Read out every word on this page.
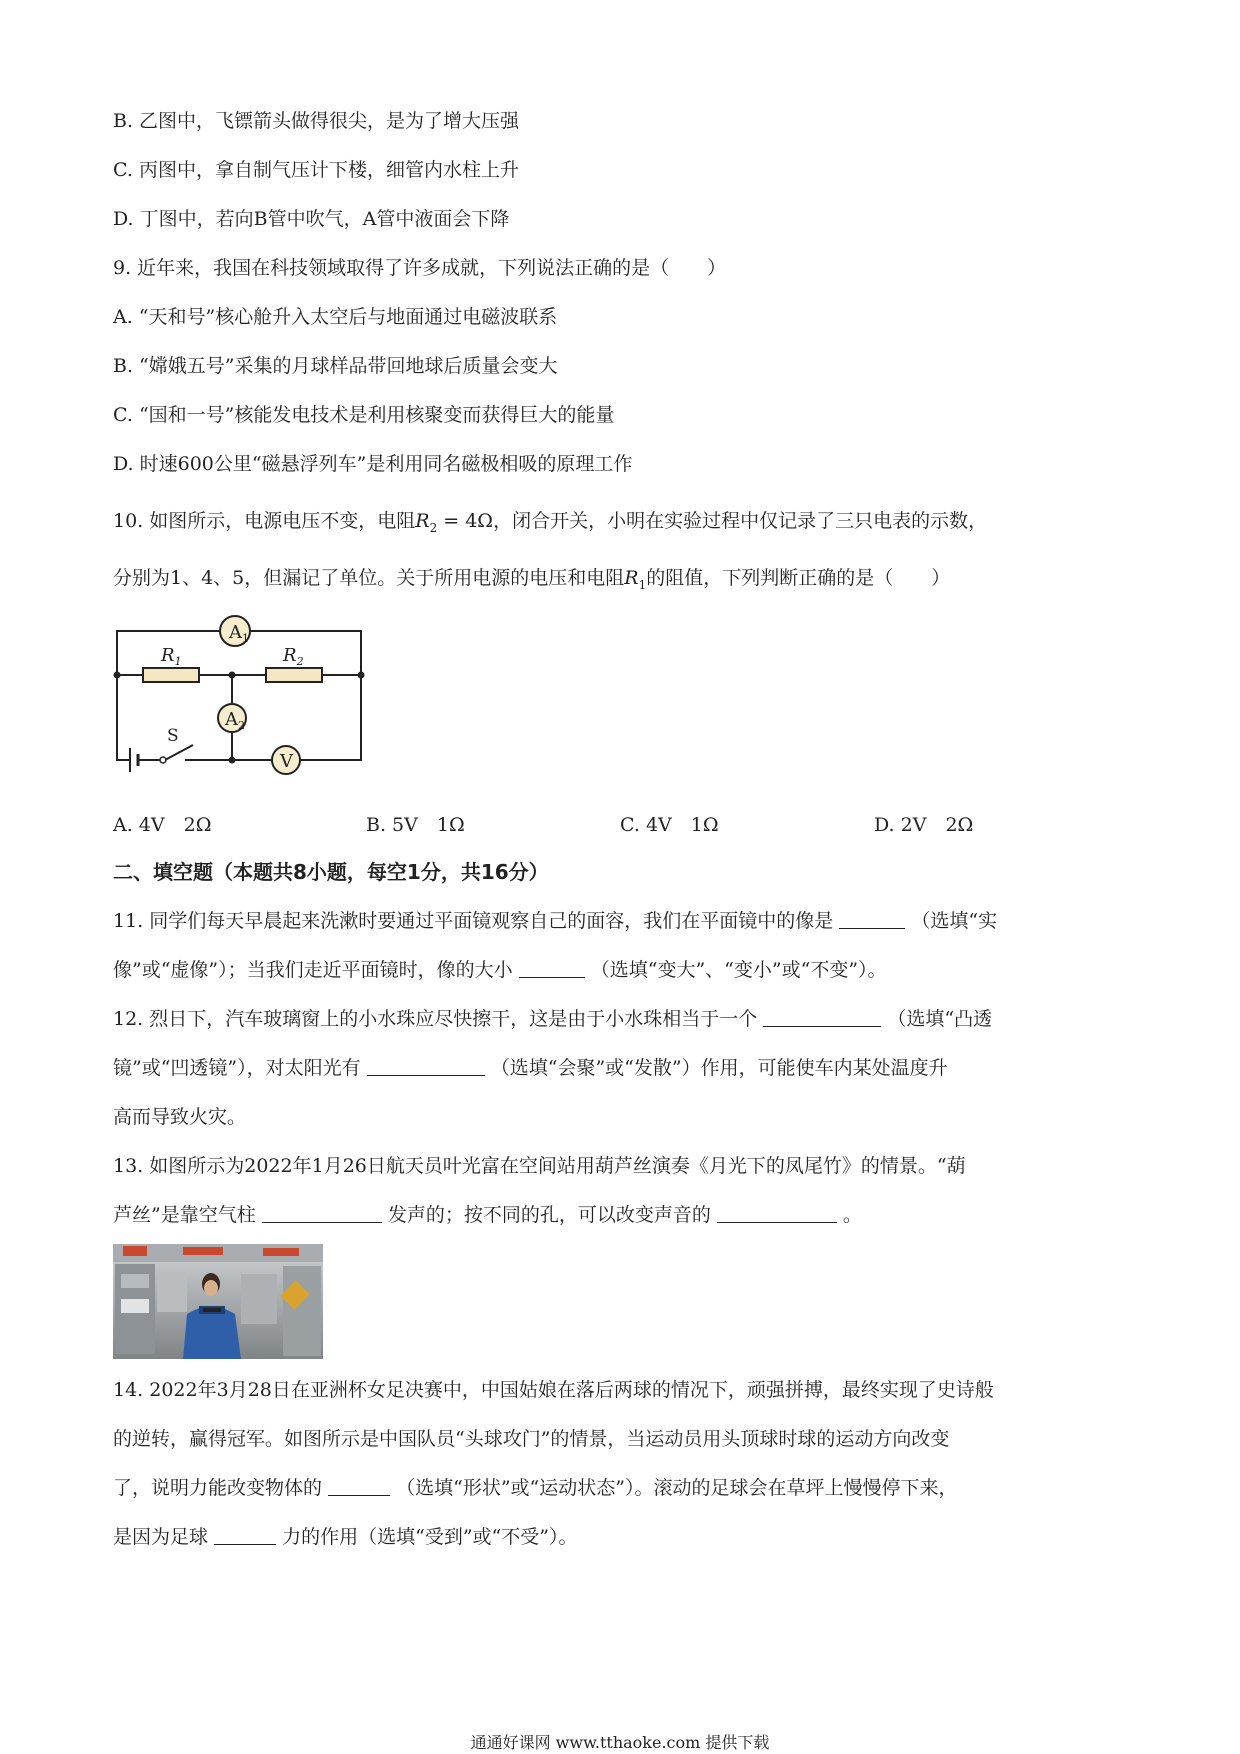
B. 乙图中，飞镖箭头做得很尖，是为了增大压强
C. 丙图中，拿自制气压计下楼，细管内水柱上升
D. 丁图中，若向B管中吹气，A管中液面会下降
9. 近年来，我国在科技领域取得了许多成就，下列说法正确的是（　　）
A. “天和号”核心舱升入太空后与地面通过电磁波联系
B. “嫦娥五号”采集的月球样品带回地球后质量会变大
C. “国和一号”核能发电技术是利用核聚变而获得巨大的能量
D. 时速600公里“磁悬浮列车”是利用同名磁极相吸的原理工作
10. 如图所示，电源电压不变，电阻$R_2 = 4\Omega$，闭合开关，小明在实验过程中仅记录了三只电表的示数，
分别为1、4、5，但漏记了单位。关于所用电源的电压和电阻$R_1$的阻值，下列判断正确的是（　　）
$A_1$
$A_2$
V
$R_1$	$R_2$
S
A. 4V　2Ω	B. 5V　1Ω	C. 4V　1Ω	D. 2V　2Ω
二、填空题（本题共8小题，每空1分，共16分）
11. 同学们每天早晨起来洗漱时要通过平面镜观察自己的面容，我们在平面镜中的像是	（选填“实
像”或“虚像”）；当我们走近平面镜时，像的大小	（选填“变大”、“变小”或“不变”）。
12. 烈日下，汽车玻璃窗上的小水珠应尽快擦干，这是由于小水珠相当于一个	（选填“凸透
镜”或“凹透镜”），对太阳光有	（选填“会聚”或“发散”）作用，可能使车内某处温度升
高而导致火灾。
13. 如图所示为2022年1月26日航天员叶光富在空间站用葫芦丝演奏《月光下的凤尾竹》的情景。“葫
芦丝”是靠空气柱	发声的；按不同的孔，可以改变声音的	。
14. 2022年3月28日在亚洲杯女足决赛中，中国姑娘在落后两球的情况下，顽强拼搏，最终实现了史诗般
的逆转，赢得冠军。如图所示是中国队员“头球攻门”的情景，当运动员用头顶球时球的运动方向改变
了，说明力能改变物体的	（选填“形状”或“运动状态”）。滚动的足球会在草坪上慢慢停下来，
是因为足球	力的作用（选填“受到”或“不受”）。
通通好课网 www.tthaoke.com 提供下载
